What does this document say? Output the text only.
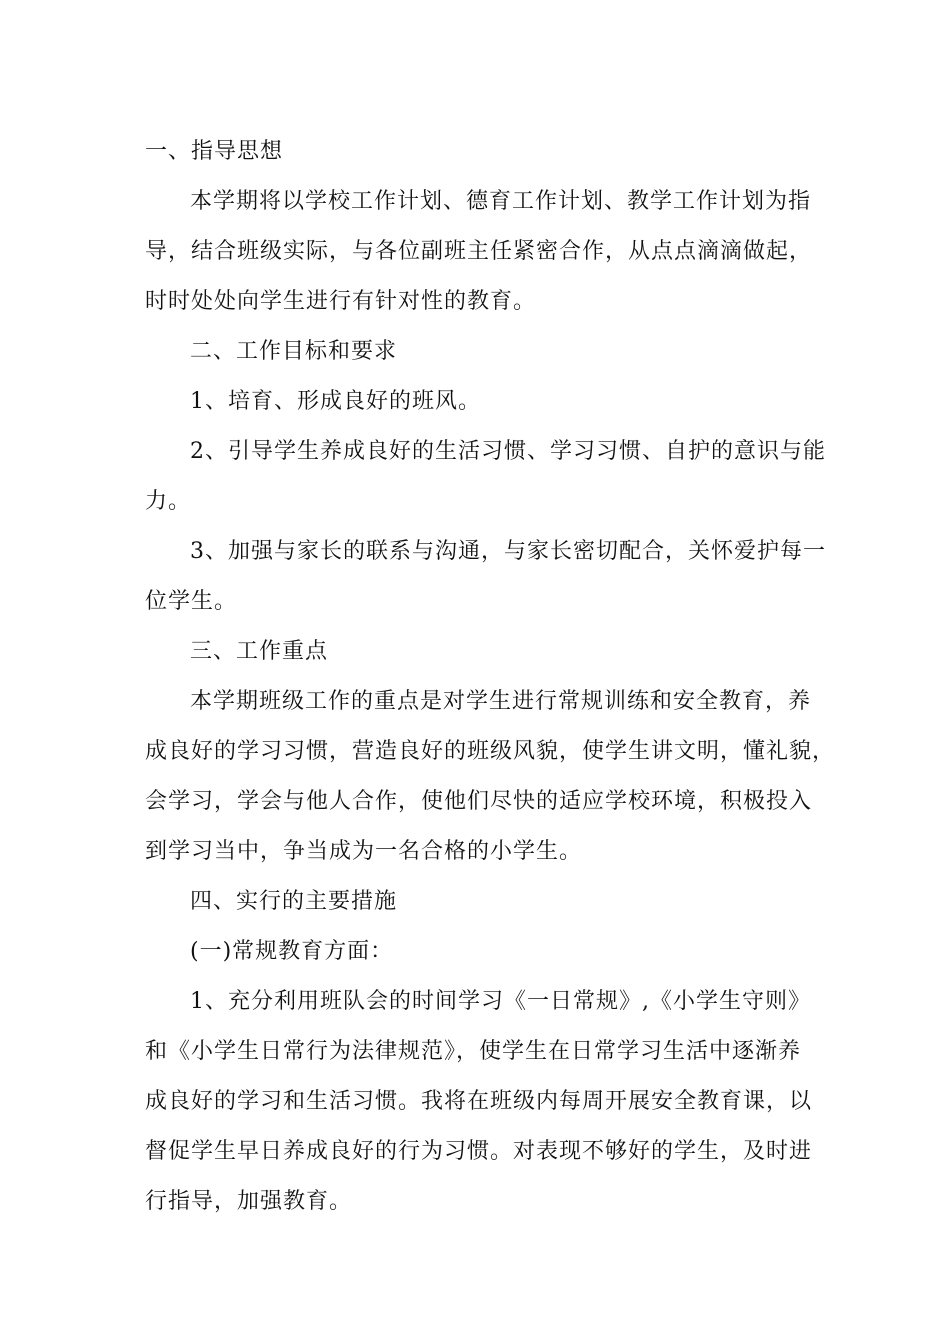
一、指导思想
本学期将以学校工作计划、德育工作计划、教学工作计划为指
导，结合班级实际，与各位副班主任紧密合作，从点点滴滴做起，
时时处处向学生进行有针对性的教育。
二、工作目标和要求
1、培育、形成良好的班风。
2、引导学生养成良好的生活习惯、学习习惯、自护的意识与能
力。
3、加强与家长的联系与沟通，与家长密切配合，关怀爱护每一
位学生。
三、工作重点
本学期班级工作的重点是对学生进行常规训练和安全教育，养
成良好的学习习惯，营造良好的班级风貌，使学生讲文明，懂礼貌，
会学习，学会与他人合作，使他们尽快的适应学校环境，积极投入
到学习当中，争当成为一名合格的小学生。
四、实行的主要措施
(一)常规教育方面：
1、充分利用班队会的时间学习《一日常规》,《小学生守则》
和《小学生日常行为法律规范》，使学生在日常学习生活中逐渐养
成良好的学习和生活习惯。我将在班级内每周开展安全教育课，以
督促学生早日养成良好的行为习惯。对表现不够好的学生，及时进
行指导，加强教育。
